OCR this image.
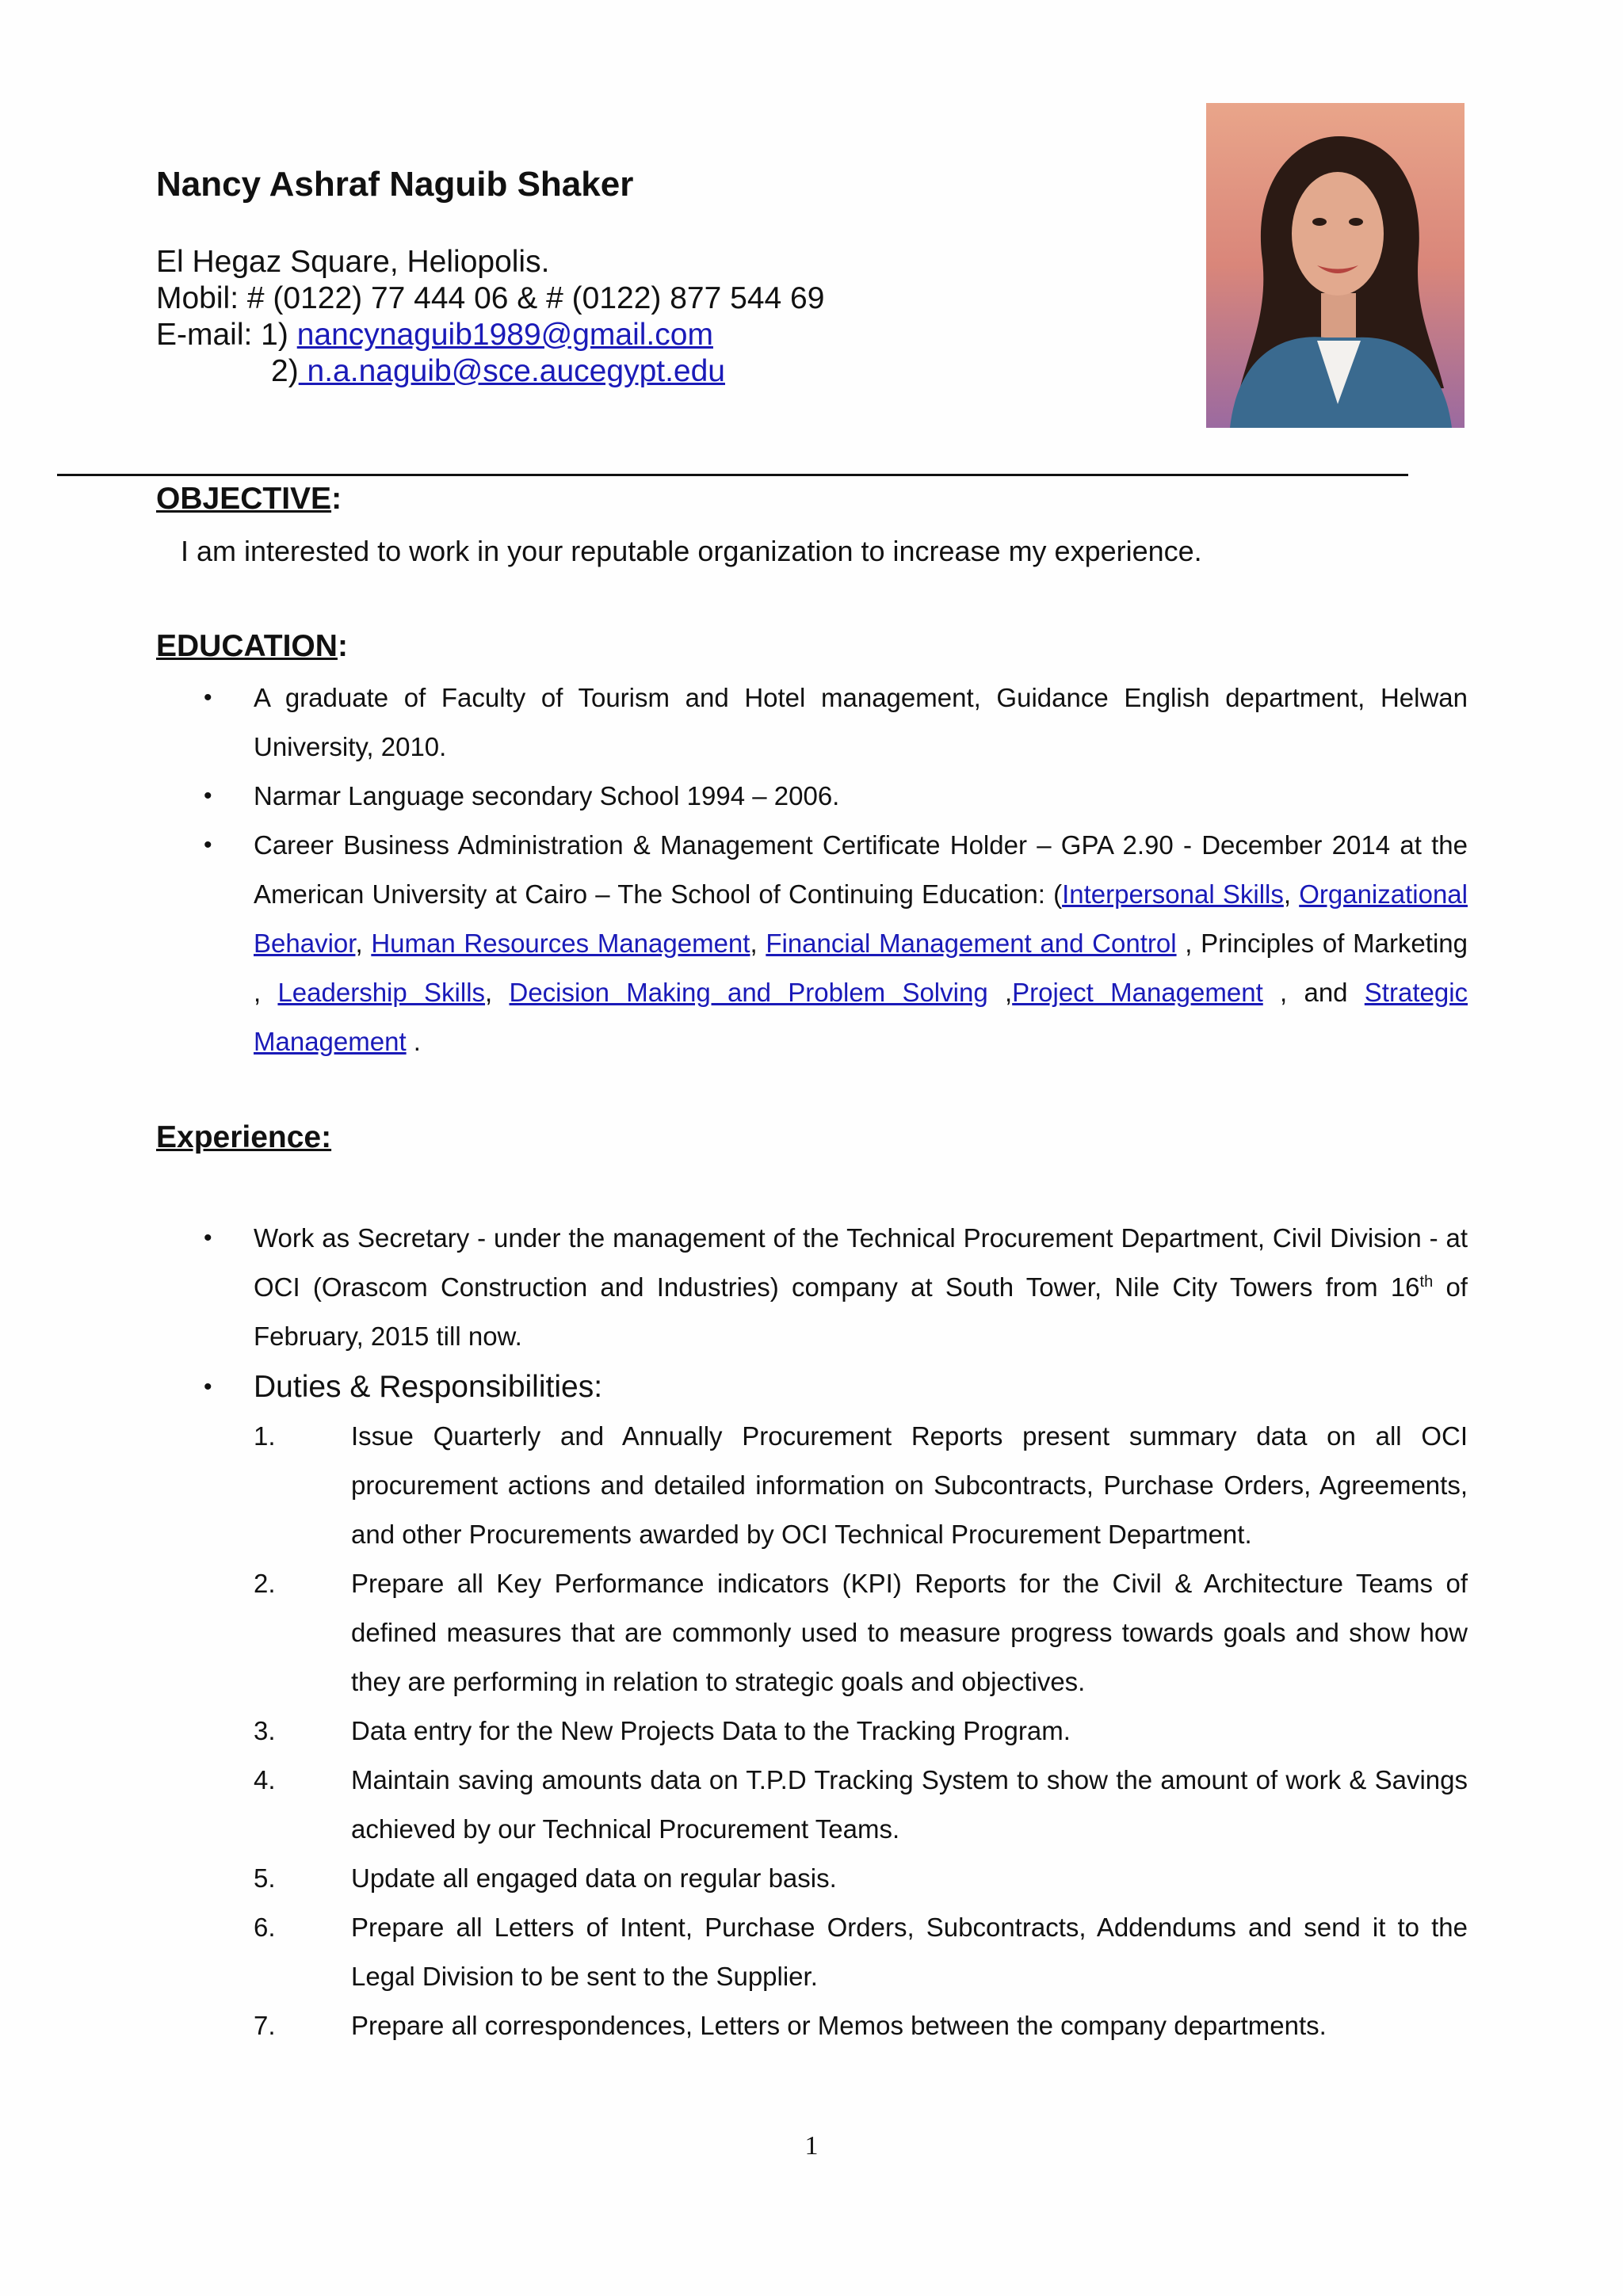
Nancy Ashraf Naguib Shaker
El Hegaz Square, Heliopolis.
Mobil: # (0122) 77 444 06 & # (0122) 877 544 69
E-mail: 1) nancynaguib1989@gmail.com
2) n.a.naguib@sce.aucegypt.edu
OBJECTIVE:
I am interested to work in your reputable organization to increase my experience.
EDUCATION:
• A graduate of Faculty of Tourism and Hotel management, Guidance English department, Helwan University, 2010.
• Narmar Language secondary School 1994 – 2006.
• Career Business Administration & Management Certificate Holder – GPA 2.90 - December 2014 at the American University at Cairo – The School of Continuing Education: (Interpersonal Skills, Organizational Behavior, Human Resources Management, Financial Management and Control , Principles of Marketing , Leadership Skills, Decision Making and Problem Solving ,Project Management , and Strategic Management .
Experience:
• Work as Secretary - under the management of the Technical Procurement Department, Civil Division - at OCI (Orascom Construction and Industries) company at South Tower, Nile City Towers from 16th of February, 2015 till now.
• Duties & Responsibilities:
1.	Issue Quarterly and Annually Procurement Reports present summary data on all OCI procurement actions and detailed information on Subcontracts, Purchase Orders, Agreements, and other Procurements awarded by OCI Technical Procurement Department.
2.	Prepare all Key Performance indicators (KPI) Reports for the Civil & Architecture Teams of defined measures that are commonly used to measure progress towards goals and show how they are performing in relation to strategic goals and objectives.
3.	Data entry for the New Projects Data to the Tracking Program.
4.	Maintain saving amounts data on T.P.D Tracking System to show the amount of work & Savings achieved by our Technical Procurement Teams.
5.	Update all engaged data on regular basis.
6.	Prepare all Letters of Intent, Purchase Orders, Subcontracts, Addendums and send it to the Legal Division to be sent to the Supplier.
7.	Prepare all correspondences, Letters or Memos between the company departments.
1
